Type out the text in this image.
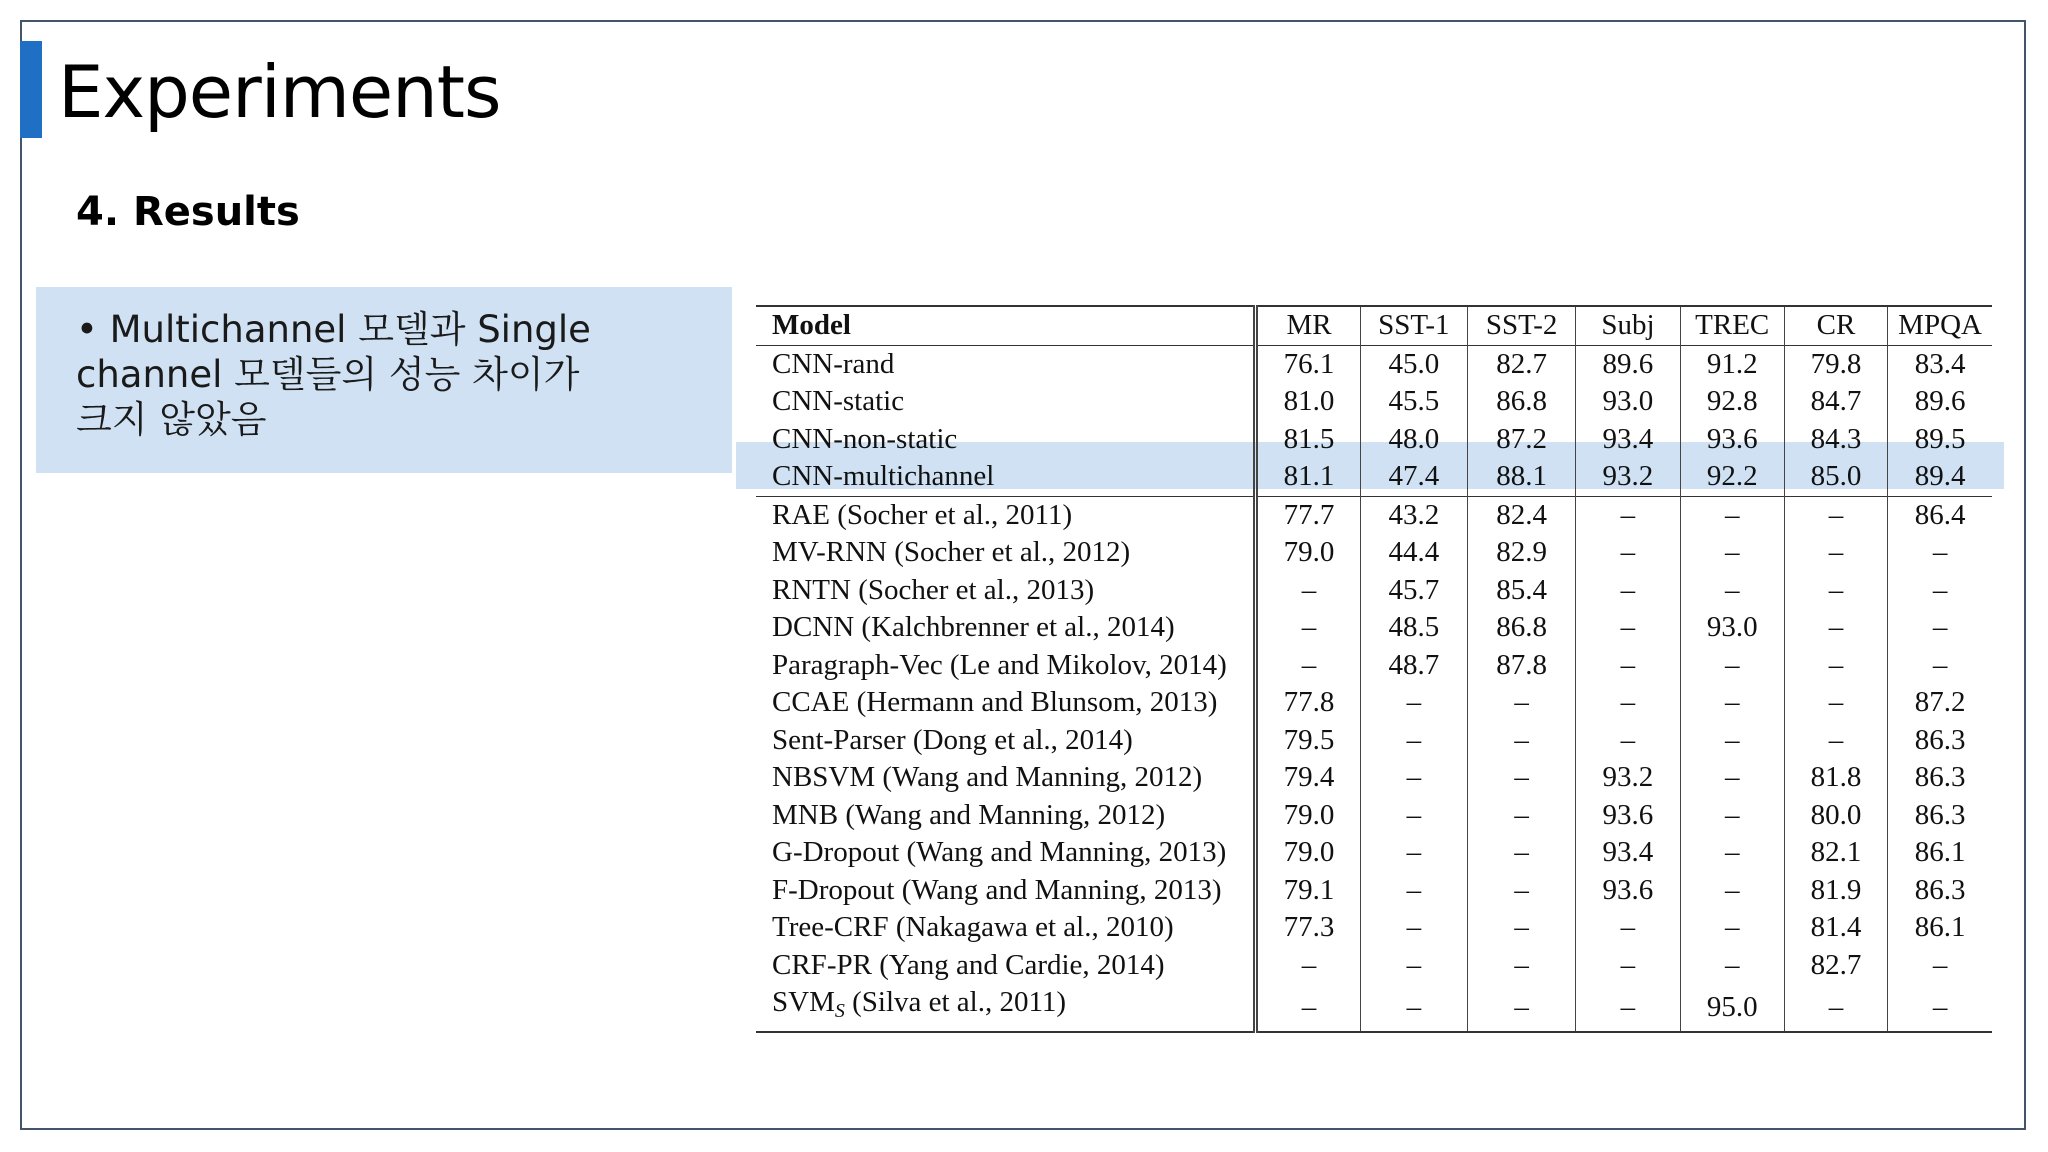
Experiments
4. Results
• Multichannel 모델과 Single
channel 모델들의 성능 차이가
크지 않았음
Model	MR	SST-1	SST-2	Subj	TREC	CR	MPQA
CNN-rand	76.1	45.0	82.7	89.6	91.2	79.8	83.4
CNN-static	81.0	45.5	86.8	93.0	92.8	84.7	89.6
CNN-non-static	81.5	48.0	87.2	93.4	93.6	84.3	89.5
CNN-multichannel	81.1	47.4	88.1	93.2	92.2	85.0	89.4
RAE (Socher et al., 2011)	77.7	43.2	82.4	–	–	–	86.4
MV-RNN (Socher et al., 2012)	79.0	44.4	82.9	–	–	–	–
RNTN (Socher et al., 2013)	–	45.7	85.4	–	–	–	–
DCNN (Kalchbrenner et al., 2014)	–	48.5	86.8	–	93.0	–	–
Paragraph-Vec (Le and Mikolov, 2014)	–	48.7	87.8	–	–	–	–
CCAE (Hermann and Blunsom, 2013)	77.8	–	–	–	–	–	87.2
Sent-Parser (Dong et al., 2014)	79.5	–	–	–	–	–	86.3
NBSVM (Wang and Manning, 2012)	79.4	–	–	93.2	–	81.8	86.3
MNB (Wang and Manning, 2012)	79.0	–	–	93.6	–	80.0	86.3
G-Dropout (Wang and Manning, 2013)	79.0	–	–	93.4	–	82.1	86.1
F-Dropout (Wang and Manning, 2013)	79.1	–	–	93.6	–	81.9	86.3
Tree-CRF (Nakagawa et al., 2010)	77.3	–	–	–	–	81.4	86.1
CRF-PR (Yang and Cardie, 2014)	–	–	–	–	–	82.7	–
$SVM_S$ (Silva et al., 2011)	–	–	–	–	95.0	–	–
